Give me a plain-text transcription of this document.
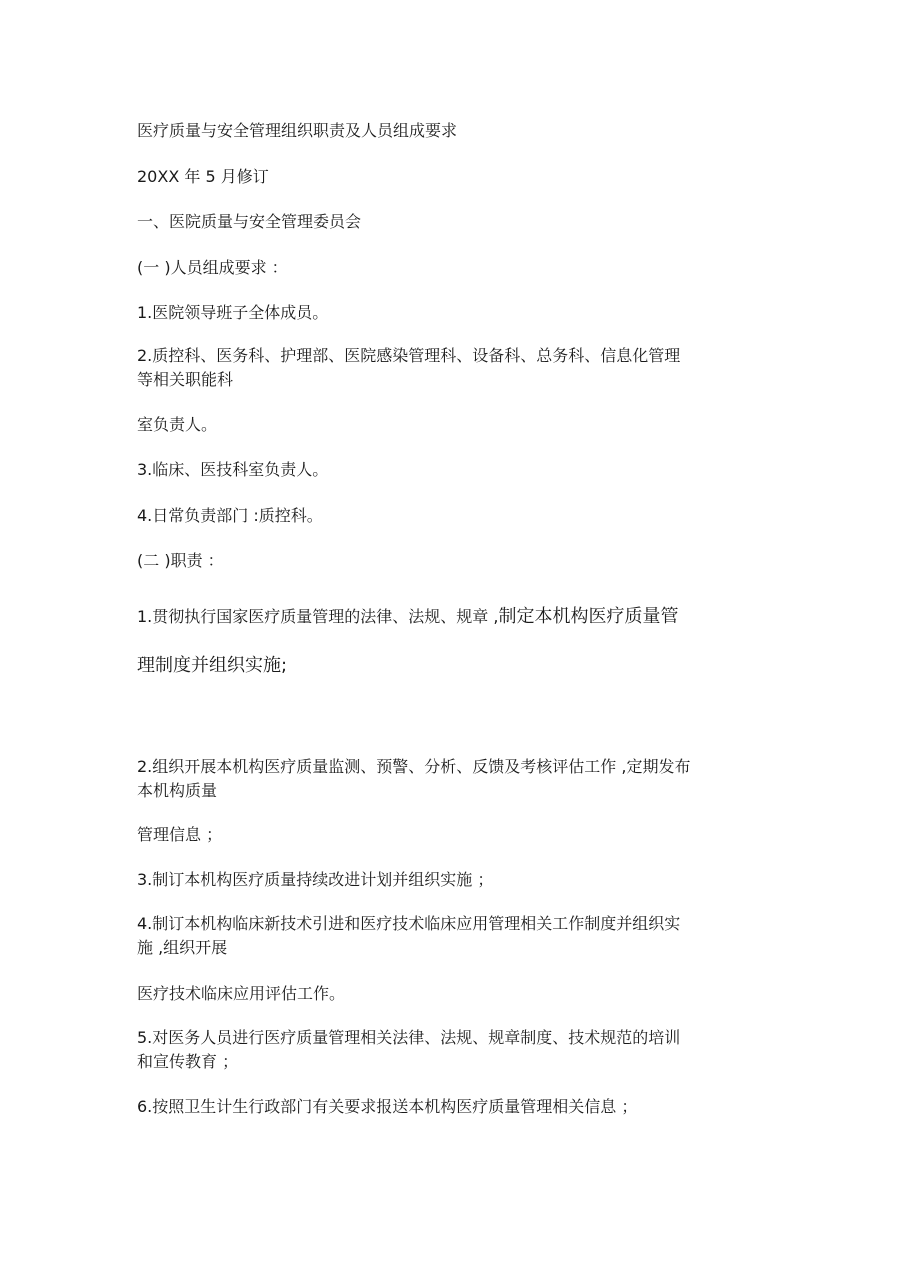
医疗质量与安全管理组织职责及人员组成要求

20XX 年 5 月修订

一、医院质量与安全管理委员会

(一 )人员组成要求 ：

1.医院领导班子全体成员。

2.质控科、医务科、护理部、医院感染管理科、设备科、总务科、信息化管理

等相关职能科

室负责人。

3.临床、医技科室负责人。

4.日常负责部门 :质控科。

(二 )职责 ：

1.贯彻执行国家医疗质量管理的法律、法规、规章 ,制定本机构医疗质量管

理制度并组织实施;

2.组织开展本机构医疗质量监测、预警、分析、反馈及考核评估工作 ,定期发布

本机构质量

管理信息 ；

3.制订本机构医疗质量持续改进计划并组织实施 ；

4.制订本机构临床新技术引进和医疗技术临床应用管理相关工作制度并组织实

施 ,组织开展

医疗技术临床应用评估工作。

5.对医务人员进行医疗质量管理相关法律、法规、规章制度、技术规范的培训

和宣传教育 ；

6.按照卫生计生行政部门有关要求报送本机构医疗质量管理相关信息 ；
